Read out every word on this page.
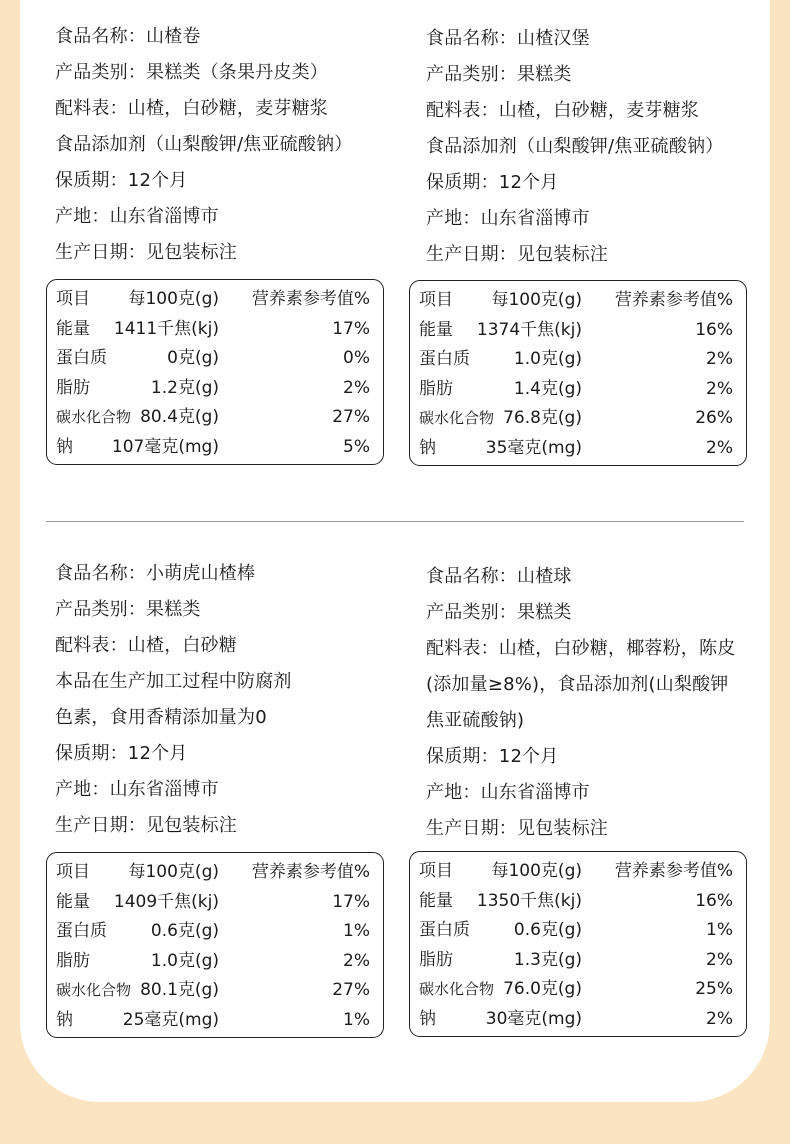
食品名称：山楂卷
产品类别：果糕类（条果丹皮类）
配料表：山楂，白砂糖，麦芽糖浆
食品添加剂（山梨酸钾/焦亚硫酸钠）
保质期：12个月
产地：山东省淄博市
生产日期：见包装标注
项目 每100克(g) 营养素参考值%
能量 1411千焦(kj)	17%
蛋白质	0克(g)	0%
脂肪	1.2克(g)	2%
碳水化合物 80.4克(g)	27%
钠 107毫克(mg)	5%
食品名称：山楂汉堡
产品类别：果糕类
配料表：山楂，白砂糖，麦芽糖浆
食品添加剂（山梨酸钾/焦亚硫酸钠）
保质期：12个月
产地：山东省淄博市
生产日期：见包装标注
项目 每100克(g) 营养素参考值%
能量 1374千焦(kj)	16%
蛋白质	1.0克(g)	2%
脂肪	1.4克(g)	2%
碳水化合物 76.8克(g)	26%
钠	35毫克(mg)	2%
食品名称：小萌虎山楂棒
产品类别：果糕类
配料表：山楂，白砂糖
本品在生产加工过程中防腐剂
色素，食用香精添加量为0
保质期：12个月
产地：山东省淄博市
生产日期：见包装标注
项目 每100克(g) 营养素参考值%
能量 1409千焦(kj)	17%
蛋白质	0.6克(g)	1%
脂肪	1.0克(g)	2%
碳水化合物 80.1克(g)	27%
钠	25毫克(mg)	1%
食品名称：山楂球
产品类别：果糕类
配料表：山楂，白砂糖，椰蓉粉，陈皮
(添加量≥8%)，食品添加剂(山梨酸钾
焦亚硫酸钠)
保质期：12个月
产地：山东省淄博市
生产日期：见包装标注
项目 每100克(g) 营养素参考值%
能量 1350千焦(kj)	16%
蛋白质	0.6克(g)	1%
脂肪	1.3克(g)	2%
碳水化合物 76.0克(g)	25%
钠	30毫克(mg)	2%
